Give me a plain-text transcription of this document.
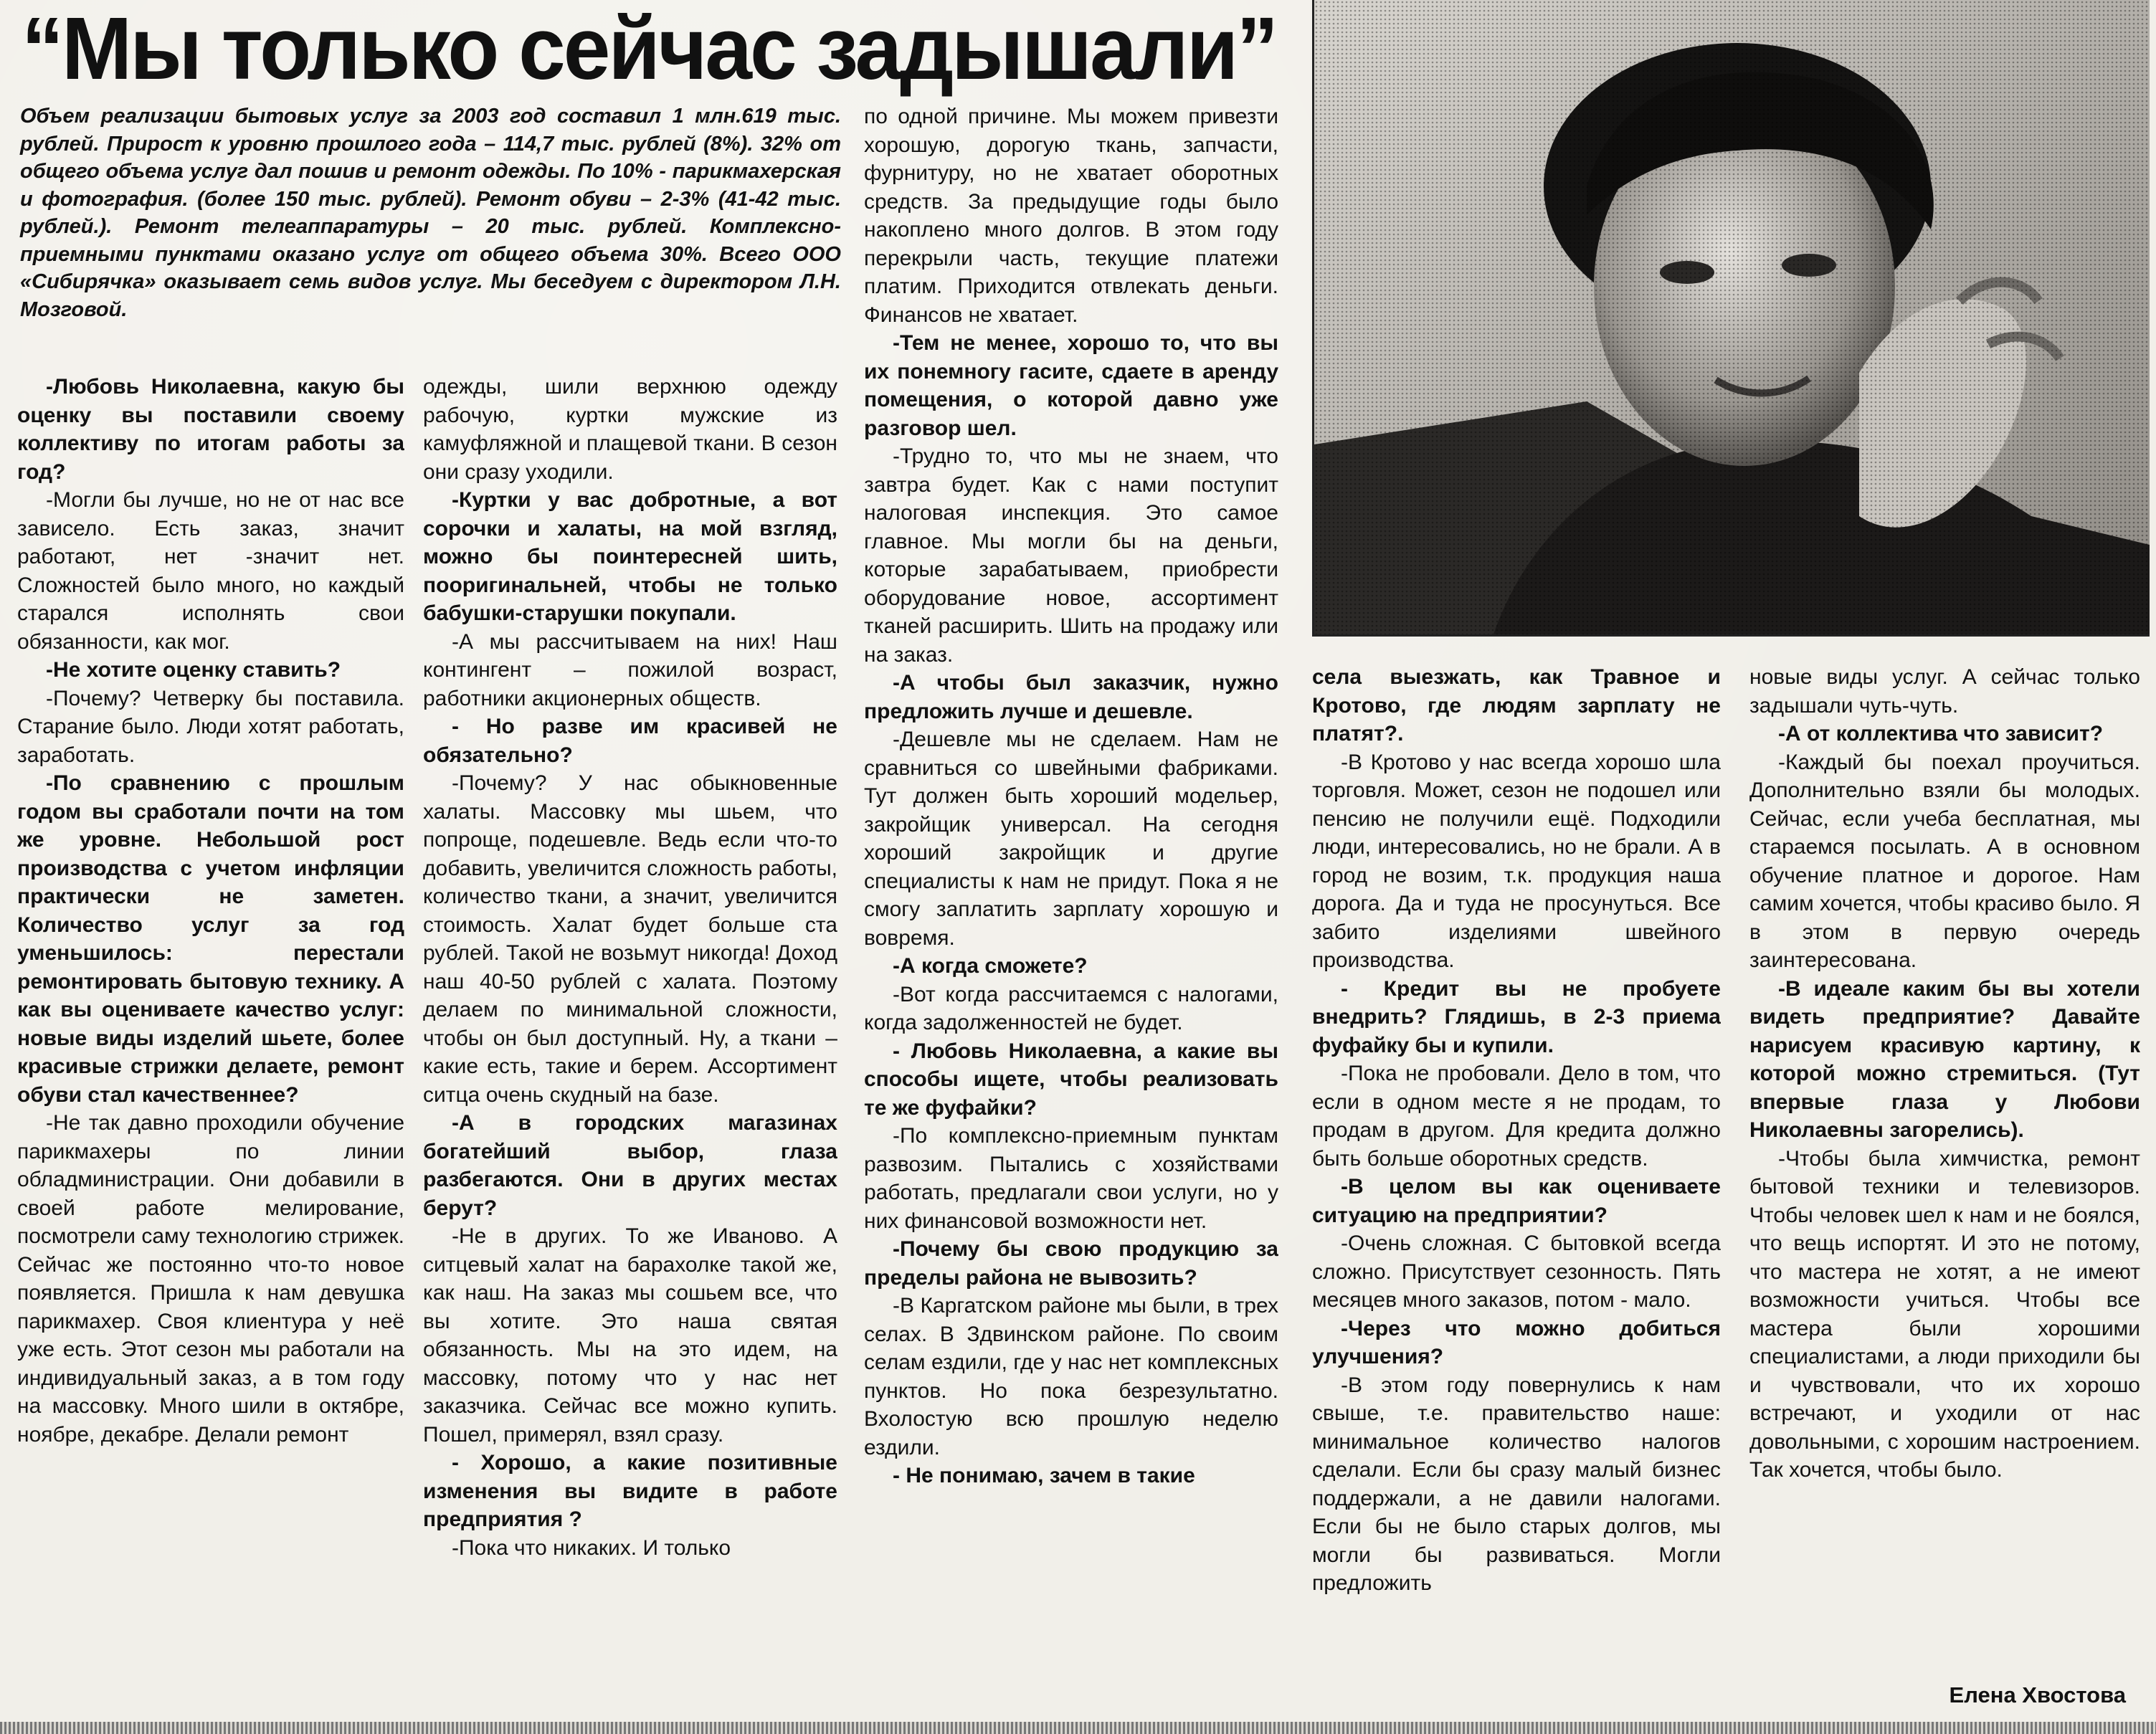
“Мы только сейчас задышали”
Объем реализации бытовых услуг за 2003 год составил 1 млн.619 тыс. рублей. Прирост к уровню прошлого года – 114,7 тыс. рублей (8%). 32% от общего объема услуг дал пошив и ремонт одежды. По 10% - парикмахерская и фотография. (более 150 тыс. рублей). Ремонт обуви – 2-3% (41-42 тыс. рублей.). Ремонт телеаппаратуры – 20 тыс. рублей. Комплексно-приемными пунктами оказано услуг от общего объема 30%. Всего ООО «Сибирячка» оказывает семь видов услуг. Мы беседуем с директором Л.Н. Мозговой.

-Любовь Николаевна, какую бы оценку вы поставили своему коллективу по итогам работы за год?

-Могли бы лучше, но не от нас все зависело. Есть заказ, значит работают, нет -значит нет. Сложностей было много, но каждый старался исполнять свои обязанности, как мог.

-Не хотите оценку ставить?

-Почему? Четверку бы поставила. Старание было. Люди хотят работать, заработать.

-По сравнению с прошлым годом вы сработали почти на том же уровне. Небольшой рост производства с учетом инфляции практически не заметен. Количество услуг за год уменьшилось: перестали ремонтировать бытовую технику. А как вы оцениваете качество услуг: новые виды изделий шьете, более красивые стрижки делаете, ремонт обуви стал качественнее?

-Не так давно проходили обучение парикмахеры по линии обладминистрации. Они добавили в своей работе мелирование, посмотрели саму технологию стрижек. Сейчас же постоянно что-то новое появляется. Пришла к нам девушка парикмахер. Своя клиентура у неё уже есть. Этот сезон мы работали на индивидуальный заказ, а в том году на массовку. Много шили в октябре, ноябре, декабре. Делали ремонт

одежды, шили верхнюю одежду рабочую, куртки мужские из камуфляжной и плащевой ткани. В сезон они сразу уходили.

-Куртки у вас добротные, а вот сорочки и халаты, на мой взгляд, можно бы поинтересней шить, пооригинальней, чтобы не только бабушки-старушки покупали.

-А мы рассчитываем на них! Наш контингент – пожилой возраст, работники акционерных обществ.

- Но разве им красивей не обязательно?

-Почему? У нас обыкновенные халаты. Массовку мы шьем, что попроще, подешевле. Ведь если что-то добавить, увеличится сложность работы, количество ткани, а значит, увеличится стоимость. Халат будет больше ста рублей. Такой не возьмут никогда! Доход наш 40-50 рублей с халата. Поэтому делаем по минимальной сложности, чтобы он был доступный. Ну, а ткани – какие есть, такие и берем. Ассортимент ситца очень скудный на базе.

-А в городских магазинах богатейший выбор, глаза разбегаются. Они в других местах берут?

-Не в других. То же Иваново. А ситцевый халат на барахолке такой же, как наш. На заказ мы сошьем все, что вы хотите. Это наша святая обязанность. Мы на это идем, на массовку, потому что у нас нет заказчика. Сейчас все можно купить. Пошел, примерял, взял сразу.

- Хорошо, а какие позитивные изменения вы видите в работе предприятия ?

-Пока что никаких. И только

по одной причине. Мы можем привезти хорошую, дорогую ткань, запчасти, фурнитуру, но не хватает оборотных средств. За предыдущие годы было накоплено много долгов. В этом году перекрыли часть, текущие платежи платим. Приходится отвлекать деньги. Финансов не хватает.

-Тем не менее, хорошо то, что вы их понемногу гасите, сдаете в аренду помещения, о которой давно уже разговор шел.

-Трудно то, что мы не знаем, что завтра будет. Как с нами поступит налоговая инспекция. Это самое главное. Мы могли бы на деньги, которые зарабатываем, приобрести оборудование новое, ассортимент тканей расширить. Шить на продажу или на заказ.

-А чтобы был заказчик, нужно предложить лучше и дешевле.

-Дешевле мы не сделаем. Нам не сравниться со швейными фабриками. Тут должен быть хороший модельер, закройщик универсал. На сегодня хороший закройщик и другие специалисты к нам не придут. Пока я не смогу заплатить зарплату хорошую и вовремя.

-А когда сможете?

-Вот когда рассчитаемся с налогами, когда задолженностей не будет.

- Любовь Николаевна, а какие вы способы ищете, чтобы реализовать те же фуфайки?

-По комплексно-приемным пунктам развозим. Пытались с хозяйствами работать, предлагали свои услуги, но у них финансовой возможности нет.

-Почему бы свою продукцию за пределы района не вывозить?

-В Каргатском районе мы были, в трех селах. В Здвинском районе. По своим селам ездили, где у нас нет комплексных пунктов. Но пока безрезультатно. Вхолостую всю прошлую неделю ездили.

- Не понимаю, зачем в такие

села выезжать, как Травное и Кротово, где людям зарплату не платят?.

-В Кротово у нас всегда хорошо шла торговля. Может, сезон не подошел или пенсию не получили ещё. Подходили люди, интересовались, но не брали. А в город не возим, т.к. продукция наша дорога. Да и туда не просунуться. Все забито изделиями швейного производства.

- Кредит вы не пробуете внедрить? Глядишь, в 2-3 приема фуфайку бы и купили.

-Пока не пробовали. Дело в том, что если в одном месте я не продам, то продам в другом. Для кредита должно быть больше оборотных средств.

-В целом вы как оцениваете ситуацию на предприятии?

-Очень сложная. С бытовкой всегда сложно. Присутствует сезонность. Пять месяцев много заказов, потом - мало.

-Через что можно добиться улучшения?

-В этом году повернулись к нам свыше, т.е. правительство наше: минимальное количество налогов сделали. Если бы сразу малый бизнес поддержали, а не давили налогами. Если бы не было старых долгов, мы могли бы развиваться. Могли предложить

новые виды услуг. А сейчас только задышали чуть-чуть.

-А от коллектива что зависит?

-Каждый бы поехал проучиться. Дополнительно взяли бы молодых. Сейчас, если учеба бесплатная, мы стараемся посылать. А в основном обучение платное и дорогое. Нам самим хочется, чтобы красиво было. Я в этом в первую очередь заинтересована.

-В идеале каким бы вы хотели видеть предприятие? Давайте нарисуем красивую картину, к которой можно стремиться. (Тут впервые глаза у Любови Николаевны загорелись).

-Чтобы была химчистка, ремонт бытовой техники и телевизоров. Чтобы человек шел к нам и не боялся, что вещь испортят. И это не потому, что мастера не хотят, а не имеют возможности учиться. Чтобы все мастера были хорошими специалистами, а люди приходили бы и чувствовали, что их хорошо встречают, и уходили от нас довольными, с хорошим настроением. Так хочется, чтобы было.

Елена Хвостова
